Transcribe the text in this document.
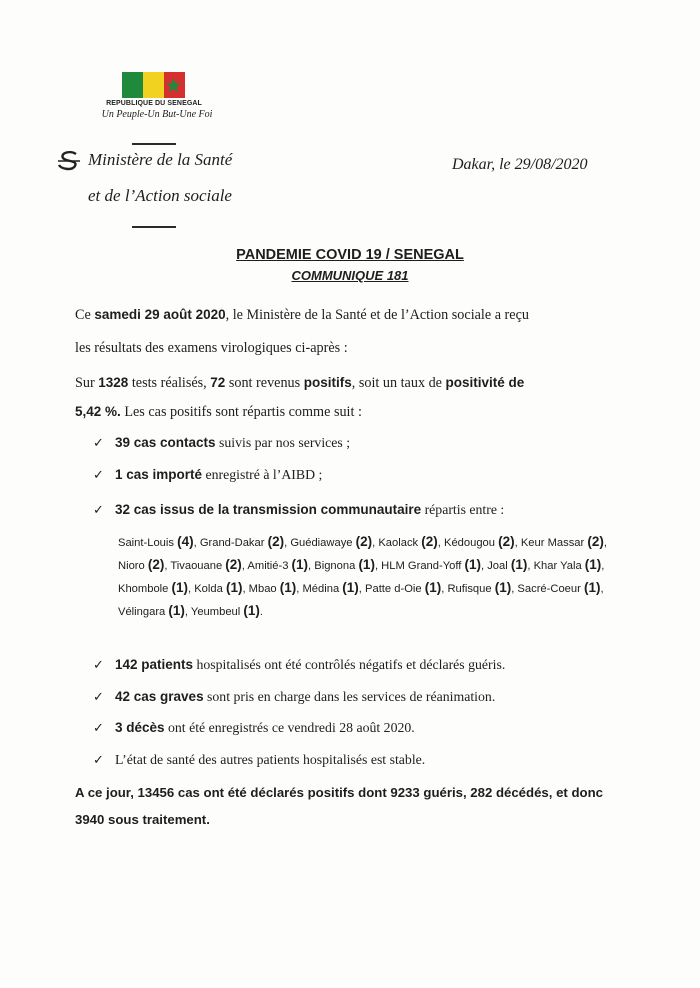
REPUBLIQUE DU SENEGAL
Un Peuple-Un But-Une Foi
Ministère de la Santé
et de l’Action sociale
Dakar, le 29/08/2020
PANDEMIE COVID 19 / SENEGAL
COMMUNIQUE 181
Ce samedi 29 août 2020, le Ministère de la Santé et de l’Action sociale a reçu
les résultats des examens virologiques ci-après :
Sur 1328 tests réalisés, 72 sont revenus positifs, soit un taux de positivité de
5,42 %. Les cas positifs sont répartis comme suit :
✓ 39 cas contacts suivis par nos services ;
✓ 1 cas importé enregistré à l’AIBD ;
✓ 32 cas issus de la transmission communautaire répartis entre :
Saint-Louis (4), Grand-Dakar (2), Guédiawaye (2), Kaolack (2), Kédougou (2), Keur Massar (2), Nioro (2), Tivaouane (2), Amitié-3 (1), Bignona (1), HLM Grand-Yoff (1), Joal (1), Khar Yala (1), Khombole (1), Kolda (1), Mbao (1), Médina (1), Patte d-Oie (1), Rufisque (1), Sacré-Coeur (1), Vélingara (1), Yeumbeul (1).
✓ 142 patients hospitalisés ont été contrôlés négatifs et déclarés guéris.
✓ 42 cas graves sont pris en charge dans les services de réanimation.
✓ 3 décès ont été enregistrés ce vendredi 28 août 2020.
✓ L’état de santé des autres patients hospitalisés est stable.
A ce jour, 13456 cas ont été déclarés positifs dont 9233 guéris, 282 décédés, et donc 3940 sous traitement.
